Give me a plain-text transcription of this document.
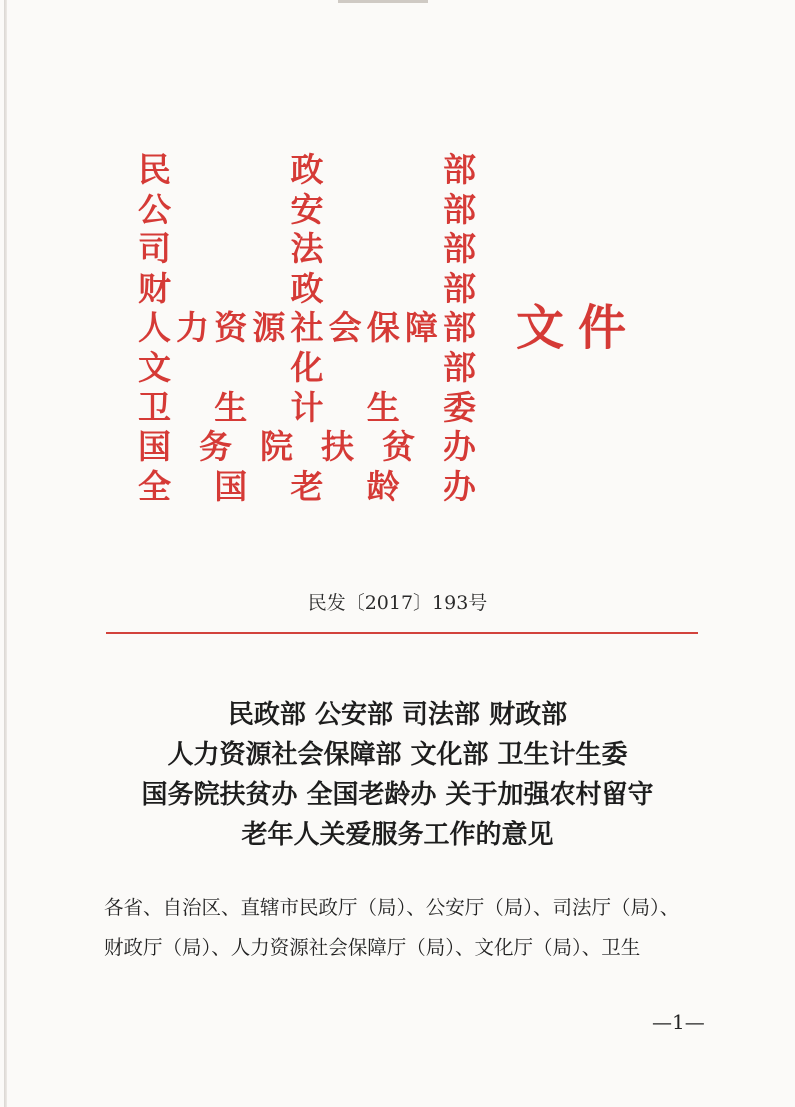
民	政	部
公	安	部
司	法	部
财	政	部
人 力 资 源 社 会 保 障 部
文	化	部
卫 生 计 生 委
国 务 院 扶 贫 办
全 国 老 龄 办
文件
民发〔2017〕193号
民政部 公安部 司法部 财政部
人力资源社会保障部 文化部 卫生计生委
国务院扶贫办 全国老龄办 关于加强农村留守
老年人关爱服务工作的意见
各省、自治区、直辖市民政厅（局）、公安厅（局）、司法厅（局）、
财政厅（局）、人力资源社会保障厅（局）、文化厅（局）、卫生
—1—
